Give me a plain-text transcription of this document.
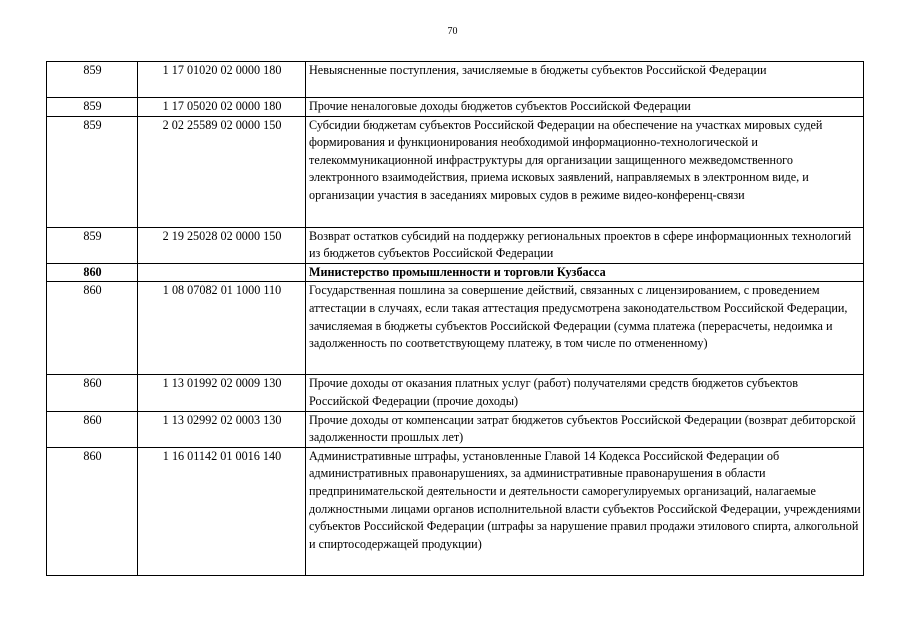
70
859	1 17 01020 02 0000 180	Невыясненные поступления, зачисляемые в бюджеты субъектов Российской Федерации
859	1 17 05020 02 0000 180	Прочие неналоговые доходы бюджетов субъектов Российской Федерации
859	2 02 25589 02 0000 150	Субсидии бюджетам субъектов Российской Федерации на обеспечение на участках мировых судей формирования и функционирования необходимой информационно-технологической и телекоммуникационной инфраструктуры для организации защищенного межведомственного электронного взаимодействия, приема исковых заявлений, направляемых в электронном виде, и организации участия в заседаниях мировых судов в режиме видео-конференц-связи
859	2 19 25028 02 0000 150	Возврат остатков субсидий на поддержку региональных проектов в сфере информационных технологий из бюджетов субъектов Российской Федерации
860		Министерство промышленности и торговли Кузбасса
860	1 08 07082 01 1000 110	Государственная пошлина за совершение действий, связанных с лицензированием, с проведением аттестации в случаях, если такая аттестация предусмотрена законодательством Российской Федерации, зачисляемая в бюджеты субъектов Российской Федерации (сумма платежа (перерасчеты, недоимка и задолженность по соответствующему платежу, в том числе по отмененному)
860	1 13 01992 02 0009 130	Прочие доходы от оказания платных услуг (работ) получателями средств бюджетов субъектов Российской Федерации (прочие доходы)
860	1 13 02992 02 0003 130	Прочие доходы от компенсации затрат бюджетов субъектов Российской Федерации (возврат дебиторской задолженности прошлых лет)
860	1 16 01142 01 0016 140	Административные штрафы, установленные Главой 14 Кодекса Российской Федерации об административных правонарушениях, за административные правонарушения в области предпринимательской деятельности и деятельности саморегулируемых организаций, налагаемые должностными лицами органов исполнительной власти субъектов Российской Федерации, учреждениями субъектов Российской Федерации (штрафы за нарушение правил продажи этилового спирта, алкогольной и спиртосодержащей продукции)
